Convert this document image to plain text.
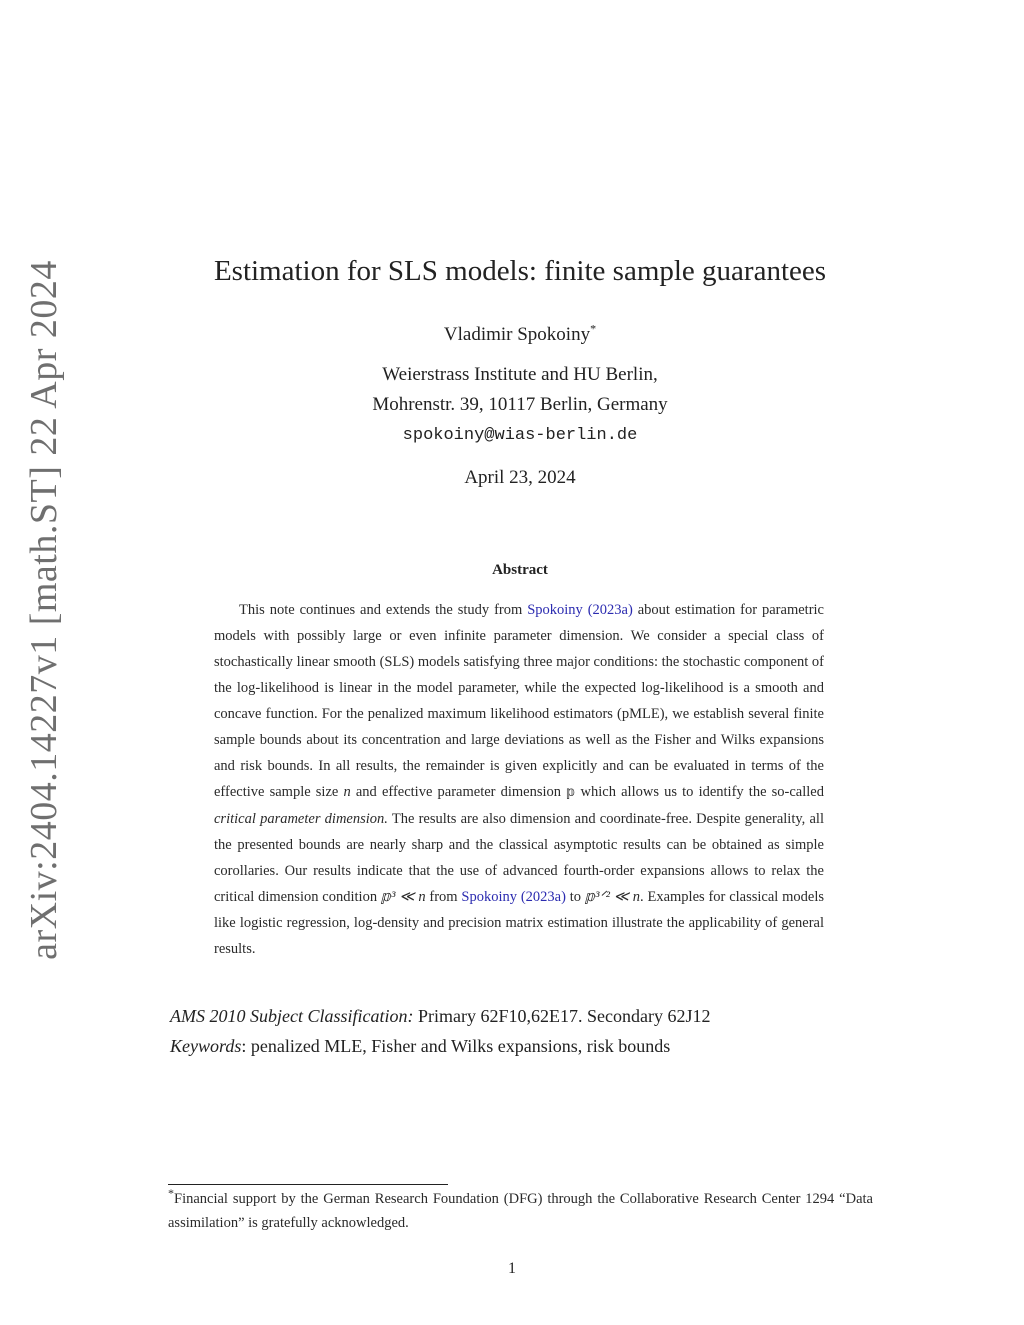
arXiv:2404.14227v1 [math.ST] 22 Apr 2024	Estimation for SLS models: finite sample guarantees
Vladimir Spokoiny*
Weierstrass Institute and HU Berlin,
Mohrenstr. 39, 10117 Berlin, Germany
spokoiny@wias-berlin.de
April 23, 2024
Abstract
This note continues and extends the study from Spokoiny (2023a) about estimation for parametric models with possibly large or even infinite parameter dimension. We consider a special class of stochastically linear smooth (SLS) models satisfying three major conditions: the stochastic component of the log-likelihood is linear in the model parameter, while the expected log-likelihood is a smooth and concave function. For the penalized maximum likelihood estimators (pMLE), we establish several finite sample bounds about its concentration and large deviations as well as the Fisher and Wilks expansions and risk bounds. In all results, the remainder is given explicitly and can be evaluated in terms of the effective sample size n and effective parameter dimension 𝕡 which allows us to identify the so-called critical parameter dimension. The results are also dimension and coordinate-free. Despite generality, all the presented bounds are nearly sharp and the classical asymptotic results can be obtained as simple corollaries. Our results indicate that the use of advanced fourth-order expansions allows to relax the critical dimension condition 𝕡³ ≪ n from Spokoiny (2023a) to 𝕡³ᐟ² ≪ n. Examples for classical models like logistic regression, log-density and precision matrix estimation illustrate the applicability of general results.
AMS 2010 Subject Classification: Primary 62F10,62E17. Secondary 62J12
Keywords: penalized MLE, Fisher and Wilks expansions, risk bounds
*Financial support by the German Research Foundation (DFG) through the Collaborative Research Center 1294 “Data assimilation” is gratefully acknowledged.
1
